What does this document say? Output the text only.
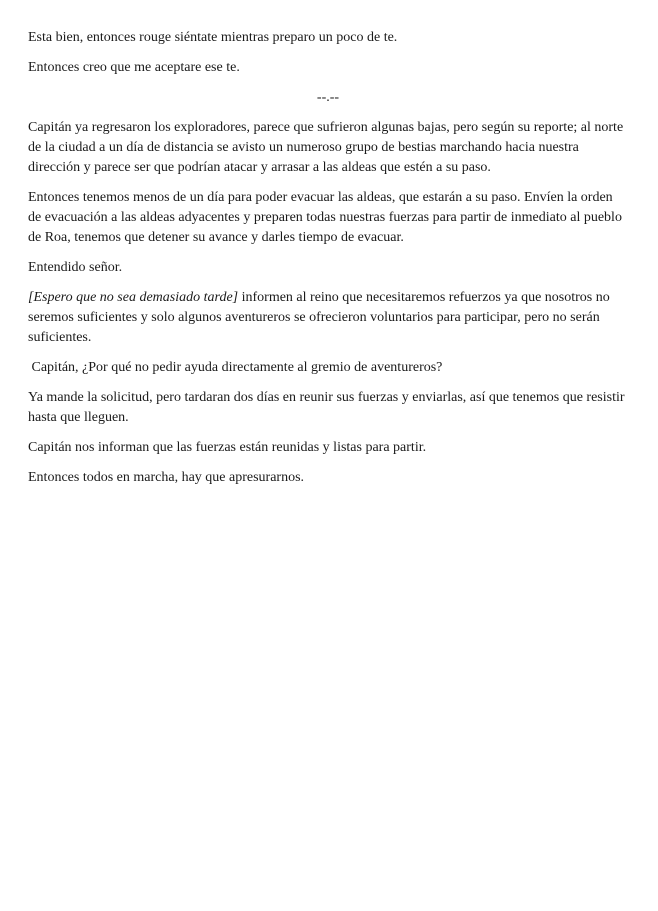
Esta bien, entonces rouge siéntate mientras preparo un poco de te.

Entonces creo que me aceptare ese te.

--.--

Capitán ya regresaron los exploradores, parece que sufrieron algunas bajas, pero según su reporte; al norte de la ciudad a un día de distancia se avisto un numeroso grupo de bestias marchando hacia nuestra dirección y parece ser que podrían atacar y arrasar a las aldeas que estén a su paso.

Entonces tenemos menos de un día para poder evacuar las aldeas, que estarán a su paso. Envíen la orden de evacuación a las aldeas adyacentes y preparen todas nuestras fuerzas para partir de inmediato al pueblo de Roa, tenemos que detener su avance y darles tiempo de evacuar.

Entendido señor.

[Espero que no sea demasiado tarde] informen al reino que necesitaremos refuerzos ya que nosotros no seremos suficientes y solo algunos aventureros se ofrecieron voluntarios para participar, pero no serán suficientes.

Capitán, ¿Por qué no pedir ayuda directamente al gremio de aventureros?

Ya mande la solicitud, pero tardaran dos días en reunir sus fuerzas y enviarlas, así que tenemos que resistir hasta que lleguen.

Capitán nos informan que las fuerzas están reunidas y listas para partir.

Entonces todos en marcha, hay que apresurarnos.
